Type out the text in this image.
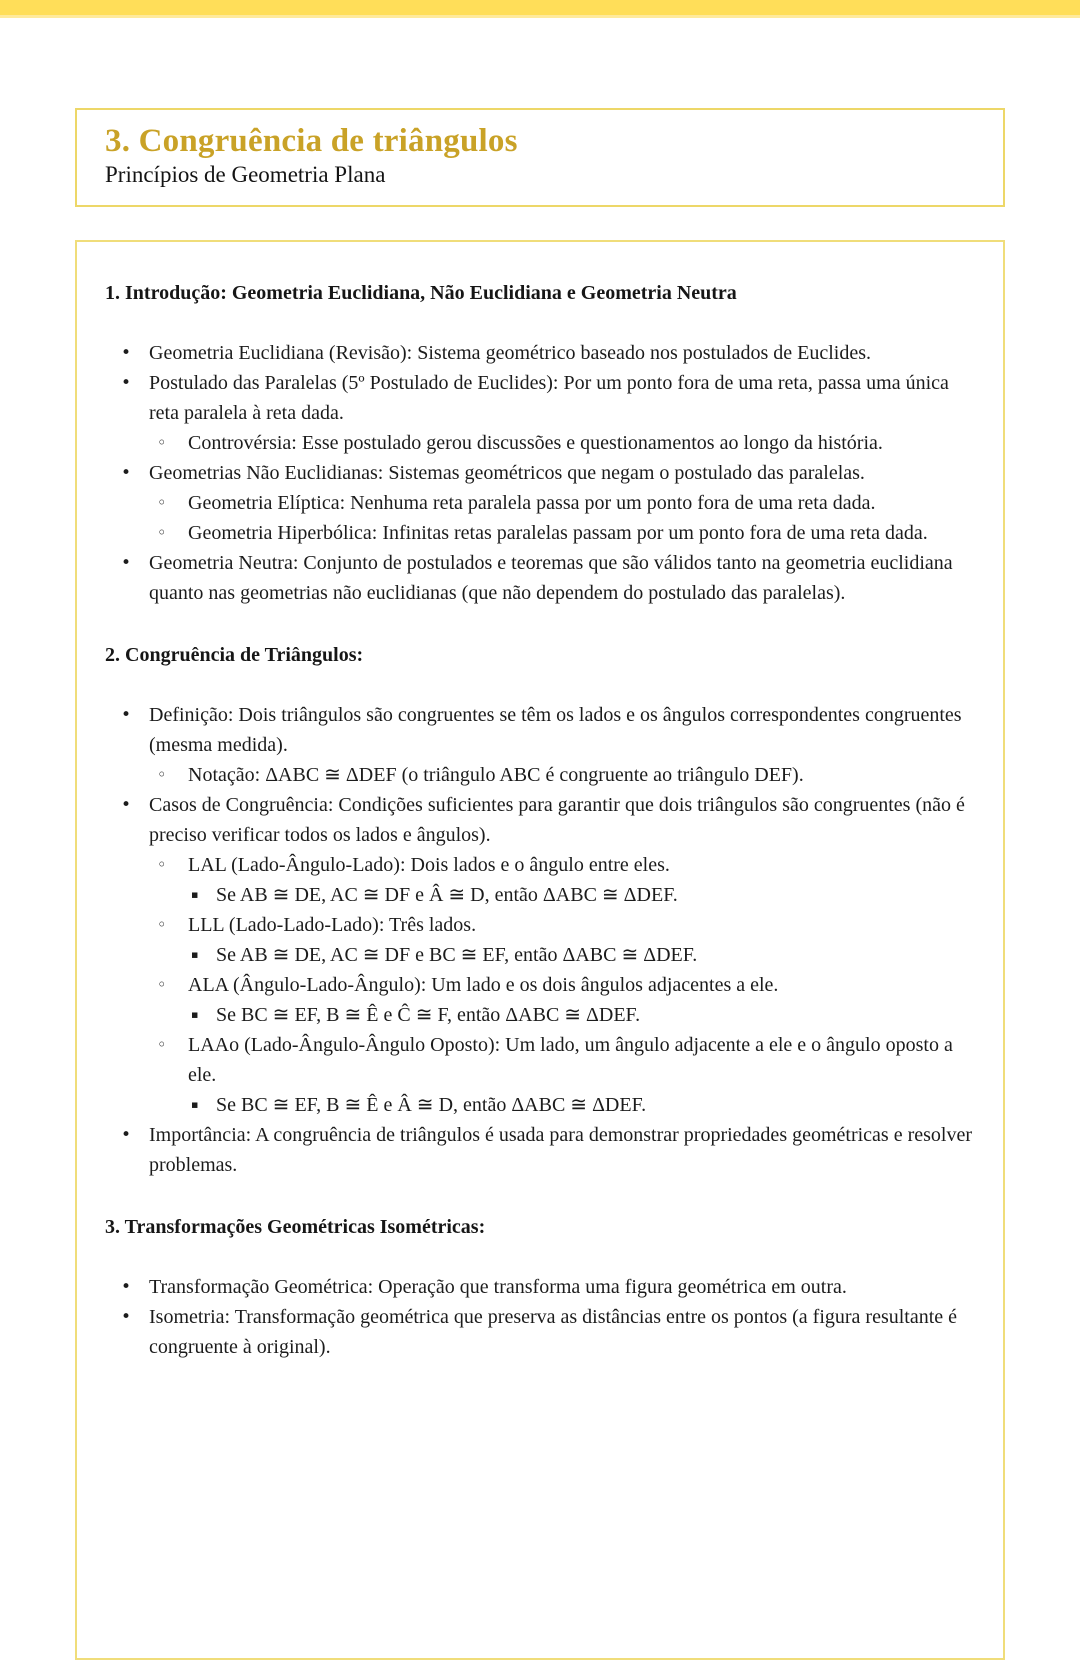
3. Congruência de triângulos
Princípios de Geometria Plana
1. Introdução: Geometria Euclidiana, Não Euclidiana e Geometria Neutra
• Geometria Euclidiana (Revisão): Sistema geométrico baseado nos postulados de Euclides.
• Postulado das Paralelas (5º Postulado de Euclides): Por um ponto fora de uma reta, passa uma única reta paralela à reta dada.
◦ Controvérsia: Esse postulado gerou discussões e questionamentos ao longo da história.
• Geometrias Não Euclidianas: Sistemas geométricos que negam o postulado das paralelas.
◦ Geometria Elíptica: Nenhuma reta paralela passa por um ponto fora de uma reta dada.
◦ Geometria Hiperbólica: Infinitas retas paralelas passam por um ponto fora de uma reta dada.
• Geometria Neutra: Conjunto de postulados e teoremas que são válidos tanto na geometria euclidiana quanto nas geometrias não euclidianas (que não dependem do postulado das paralelas).
2. Congruência de Triângulos:
• Definição: Dois triângulos são congruentes se têm os lados e os ângulos correspondentes congruentes (mesma medida).
◦ Notação: ΔABC ≅ ΔDEF (o triângulo ABC é congruente ao triângulo DEF).
• Casos de Congruência: Condições suficientes para garantir que dois triângulos são congruentes (não é preciso verificar todos os lados e ângulos).
◦ LAL (Lado-Ângulo-Lado): Dois lados e o ângulo entre eles.
▪ Se AB ≅ DE, AC ≅ DF e Â ≅ D, então ΔABC ≅ ΔDEF.
◦ LLL (Lado-Lado-Lado): Três lados.
▪ Se AB ≅ DE, AC ≅ DF e BC ≅ EF, então ΔABC ≅ ΔDEF.
◦ ALA (Ângulo-Lado-Ângulo): Um lado e os dois ângulos adjacentes a ele.
▪ Se BC ≅ EF, B ≅ Ê e Ĉ ≅ F, então ΔABC ≅ ΔDEF.
◦ LAAo (Lado-Ângulo-Ângulo Oposto): Um lado, um ângulo adjacente a ele e o ângulo oposto a ele.
▪ Se BC ≅ EF, B ≅ Ê e Â ≅ D, então ΔABC ≅ ΔDEF.
• Importância: A congruência de triângulos é usada para demonstrar propriedades geométricas e resolver problemas.
3. Transformações Geométricas Isométricas:
• Transformação Geométrica: Operação que transforma uma figura geométrica em outra.
• Isometria: Transformação geométrica que preserva as distâncias entre os pontos (a figura resultante é congruente à original).
